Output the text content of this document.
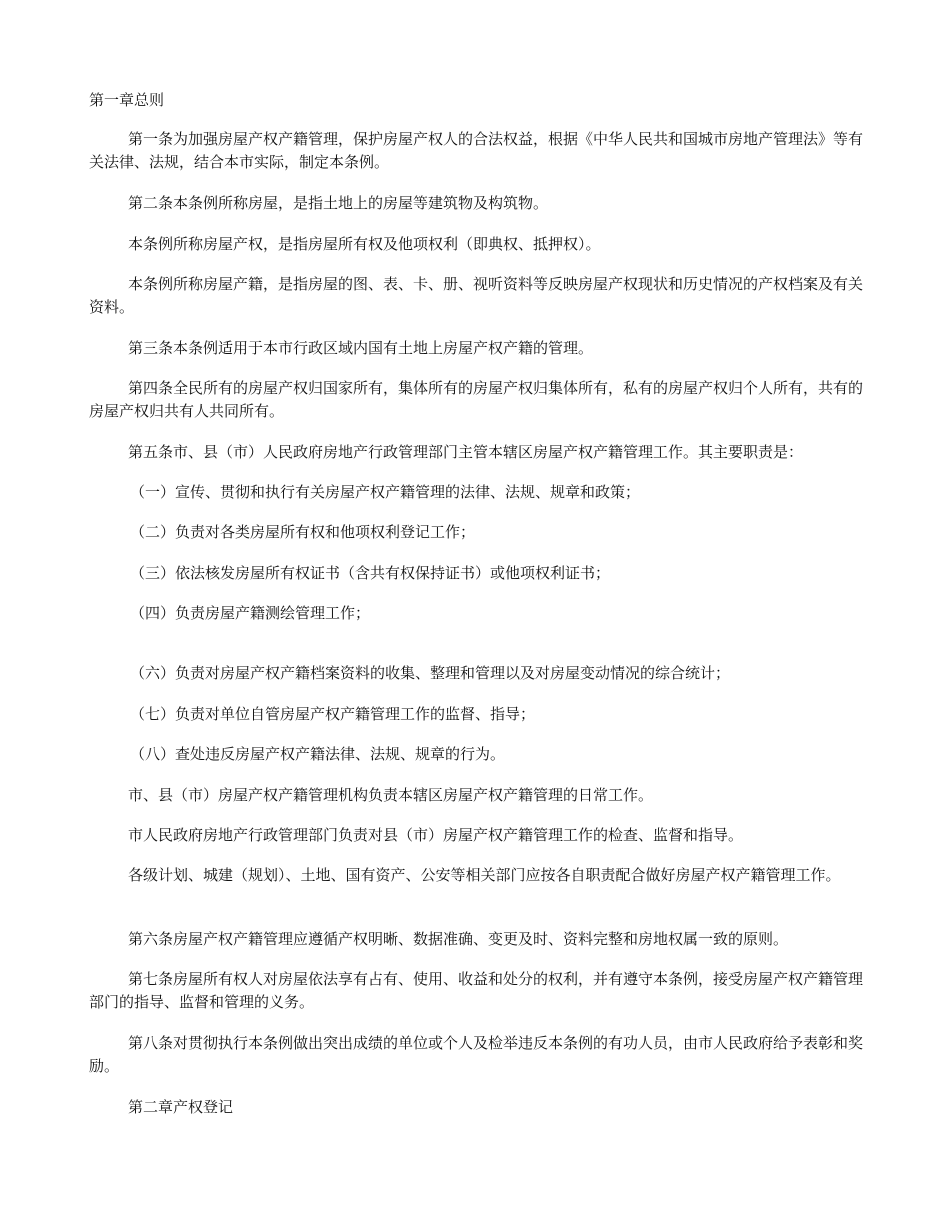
第一章总则
第一条为加强房屋产权产籍管理，保护房屋产权人的合法权益，根据《中华人民共和国城市房地产管理法》等有关法律、法规，结合本市实际，制定本条例。
第二条本条例所称房屋，是指土地上的房屋等建筑物及构筑物。
本条例所称房屋产权，是指房屋所有权及他项权利（即典权、抵押权）。
本条例所称房屋产籍，是指房屋的图、表、卡、册、视听资料等反映房屋产权现状和历史情况的产权档案及有关资料。
第三条本条例适用于本市行政区域内国有土地上房屋产权产籍的管理。
第四条全民所有的房屋产权归国家所有，集体所有的房屋产权归集体所有，私有的房屋产权归个人所有，共有的房屋产权归共有人共同所有。
第五条市、县（市）人民政府房地产行政管理部门主管本辖区房屋产权产籍管理工作。其主要职责是：
（一）宣传、贯彻和执行有关房屋产权产籍管理的法律、法规、规章和政策；
（二）负责对各类房屋所有权和他项权利登记工作；
（三）依法核发房屋所有权证书（含共有权保持证书）或他项权利证书；
（四）负责房屋产籍测绘管理工作；
（六）负责对房屋产权产籍档案资料的收集、整理和管理以及对房屋变动情况的综合统计；
（七）负责对单位自管房屋产权产籍管理工作的监督、指导；
（八）查处违反房屋产权产籍法律、法规、规章的行为。
市、县（市）房屋产权产籍管理机构负责本辖区房屋产权产籍管理的日常工作。
市人民政府房地产行政管理部门负责对县（市）房屋产权产籍管理工作的检查、监督和指导。
各级计划、城建（规划）、土地、国有资产、公安等相关部门应按各自职责配合做好房屋产权产籍管理工作。
第六条房屋产权产籍管理应遵循产权明晰、数据准确、变更及时、资料完整和房地权属一致的原则。
第七条房屋所有权人对房屋依法享有占有、使用、收益和处分的权利，并有遵守本条例，接受房屋产权产籍管理部门的指导、监督和管理的义务。
第八条对贯彻执行本条例做出突出成绩的单位或个人及检举违反本条例的有功人员，由市人民政府给予表彰和奖励。
第二章产权登记
